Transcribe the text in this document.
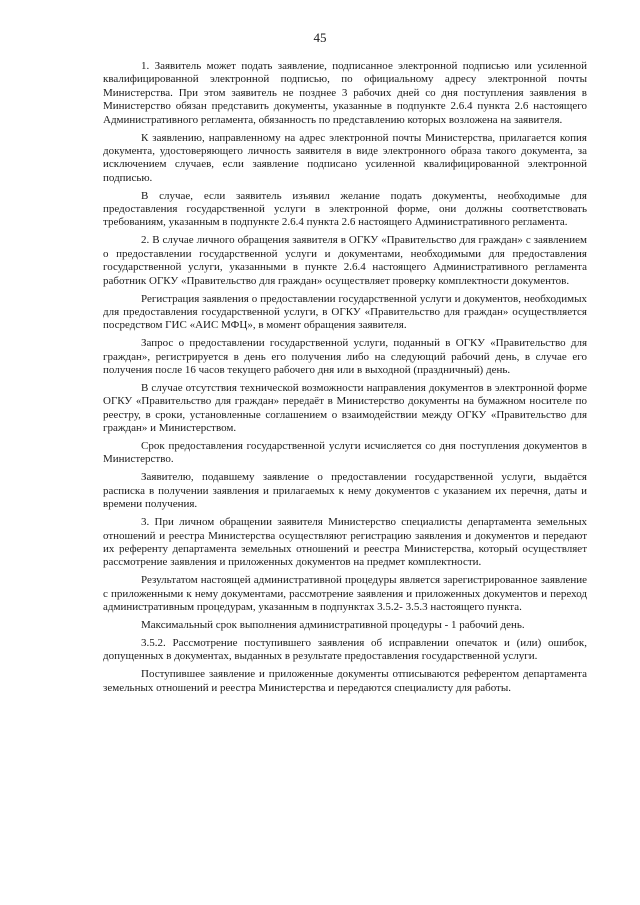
45

1. Заявитель может подать заявление, подписанное электронной подписью или усиленной квалифицированной электронной подписью, по официальному адресу электронной почты Министерства. При этом заявитель не позднее 3 рабочих дней со дня поступления заявления в Министерство обязан представить документы, указанные в подпункте 2.6.4 пункта 2.6 настоящего Административного регламента, обязанность по представлению которых возложена на заявителя.

К заявлению, направленному на адрес электронной почты Министерства, прилагается копия документа, удостоверяющего личность заявителя в виде электронного образа такого документа, за исключением случаев, если заявление подписано усиленной квалифицированной электронной подписью.

В случае, если заявитель изъявил желание подать документы, необходимые для предоставления государственной услуги в электронной форме, они должны соответствовать требованиям, указанным в подпункте 2.6.4 пункта 2.6 настоящего Административного регламента.

2. В случае личного обращения заявителя в ОГКУ «Правительство для граждан» с заявлением о предоставлении государственной услуги и документами, необходимыми для предоставления государственной услуги, указанными в пункте 2.6.4 настоящего Административного регламента работник ОГКУ «Правительство для граждан» осуществляет проверку комплектности документов.

Регистрация заявления о предоставлении государственной услуги и документов, необходимых для предоставления государственной услуги, в ОГКУ «Правительство для граждан» осуществляется посредством ГИС «АИС МФЦ», в момент обращения заявителя.

Запрос о предоставлении государственной услуги, поданный в ОГКУ «Правительство для граждан», регистрируется в день его получения либо на следующий рабочий день, в случае его получения после 16 часов текущего рабочего дня или в выходной (праздничный) день.

В случае отсутствия технической возможности направления документов в электронной форме ОГКУ «Правительство для граждан» передаёт в Министерство документы на бумажном носителе по реестру, в сроки, установленные соглашением о взаимодействии между ОГКУ «Правительство для граждан» и Министерством.

Срок предоставления государственной услуги исчисляется со дня поступления документов в Министерство.

Заявителю, подавшему заявление о предоставлении государственной услуги, выдаётся расписка в получении заявления и прилагаемых к нему документов с указанием их перечня, даты и времени получения.

3. При личном обращении заявителя Министерство специалисты департамента земельных отношений и реестра Министерства осуществляют регистрацию заявления и документов и передают их референту департамента земельных отношений и реестра Министерства, который осуществляет рассмотрение заявления и приложенных документов на предмет комплектности.

Результатом настоящей административной процедуры является зарегистрированное заявление с приложенными к нему документами, рассмотрение заявления и приложенных документов и переход административным процедурам, указанным в подпунктах 3.5.2- 3.5.3 настоящего пункта.

Максимальный срок выполнения административной процедуры - 1 рабочий день.

3.5.2. Рассмотрение поступившего заявления об исправлении опечаток и (или) ошибок, допущенных в документах, выданных в результате предоставления государственной услуги.

Поступившее заявление и приложенные документы отписываются референтом департамента земельных отношений и реестра Министерства и передаются специалисту для работы.
